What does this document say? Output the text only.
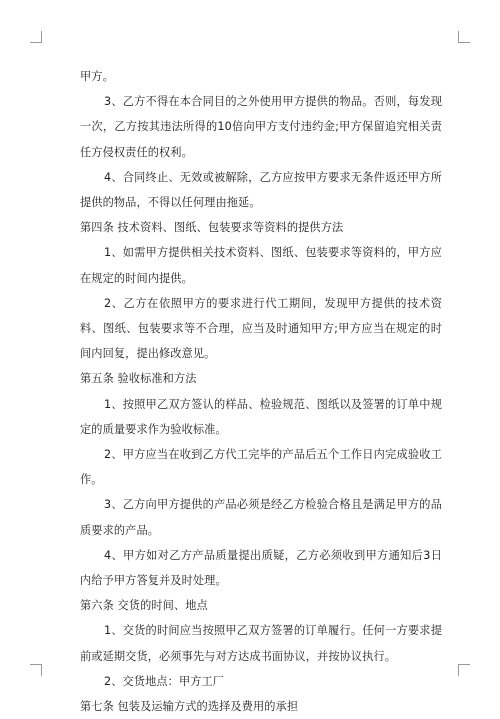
甲方。

3、乙方不得在本合同目的之外使用甲方提供的物品。否则，每发现一次，乙方按其违法所得的10倍向甲方支付违约金;甲方保留追究相关责任方侵权责任的权利。

4、合同终止、无效或被解除，乙方应按甲方要求无条件返还甲方所提供的物品，不得以任何理由拖延。

第四条 技术资料、图纸、包装要求等资料的提供方法

1、如需甲方提供相关技术资料、图纸、包装要求等资料的，甲方应在规定的时间内提供。

2、乙方在依照甲方的要求进行代工期间，发现甲方提供的技术资料、图纸、包装要求等不合理，应当及时通知甲方;甲方应当在规定的时间内回复，提出修改意见。

第五条 验收标准和方法

1、按照甲乙双方签认的样品、检验规范、图纸以及签署的订单中规定的质量要求作为验收标准。

2、甲方应当在收到乙方代工完毕的产品后五个工作日内完成验收工作。

3、乙方向甲方提供的产品必须是经乙方检验合格且是满足甲方的品质要求的产品。

4、甲方如对乙方产品质量提出质疑，乙方必须收到甲方通知后3日内给予甲方答复并及时处理。

第六条 交货的时间、地点

1、交货的时间应当按照甲乙双方签署的订单履行。任何一方要求提前或延期交货，必须事先与对方达成书面协议，并按协议执行。

2、交货地点：甲方工厂

第七条 包装及运输方式的选择及费用的承担
